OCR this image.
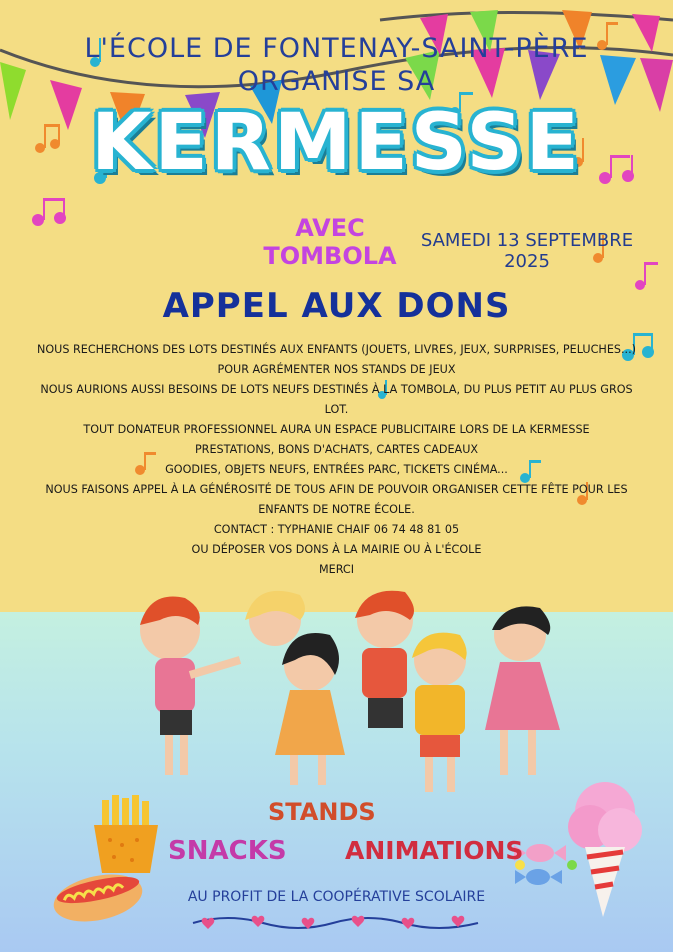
L'ÉCOLE DE FONTENAY-SAINT-PÈRE
ORGANISE SA
KERMESSE
AVEC
TOMBOLA
SAMEDI 13 SEPTEMBRE
2025
APPEL AUX DONS
NOUS RECHERCHONS DES LOTS DESTINÉS AUX ENFANTS (JOUETS, LIVRES, JEUX, SURPRISES, PELUCHES...)
POUR AGRÉMENTER NOS STANDS DE JEUX
NOUS AURIONS AUSSI BESOINS DE LOTS NEUFS DESTINÉS À LA TOMBOLA, DU PLUS PETIT AU PLUS GROS
LOT.
TOUT DONATEUR PROFESSIONNEL AURA UN ESPACE PUBLICITAIRE LORS DE LA KERMESSE
PRESTATIONS, BONS D'ACHATS, CARTES CADEAUX
GOODIES, OBJETS NEUFS, ENTRÉES PARC, TICKETS CINÉMA...
NOUS FAISONS APPEL À LA GÉNÉROSITÉ DE TOUS AFIN DE POUVOIR ORGANISER CETTE FÊTE POUR LES
ENFANTS DE NOTRE ÉCOLE.
CONTACT : TYPHANIE CHAIF 06 74 48 81 05
OU DÉPOSER VOS DONS À LA MAIRIE OU À L'ÉCOLE
MERCI
STANDS
SNACKS ANIMATIONS
AU PROFIT DE LA COOPÉRATIVE SCOLAIRE
